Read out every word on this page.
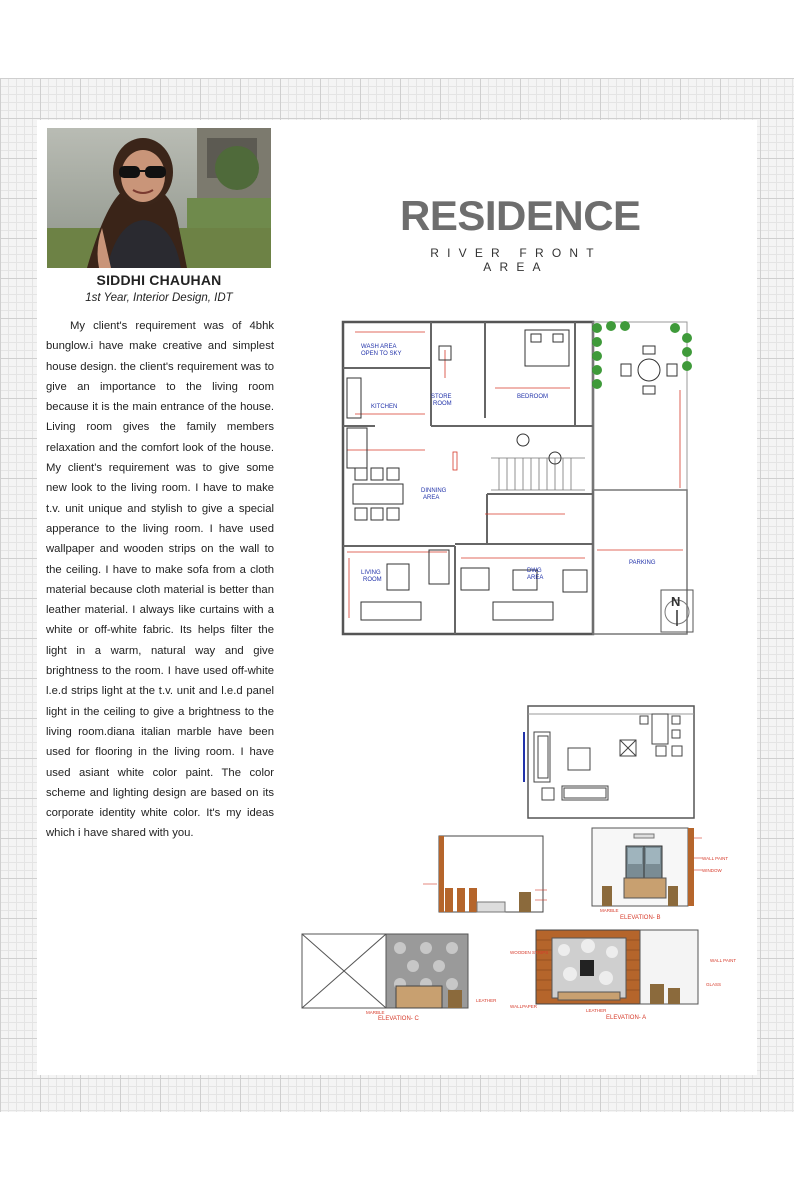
SIDDHI CHAUHAN
1st Year, Interior Design, IDT

My client's requirement was of 4bhk bunglow.i have make creative and simplest house design. the client's requirement was to give an importance to the living room because it is the main entrance of the house. Living room gives the family members relaxation and the comfort look of the house. My client's requirement was to give some new look to the living room. I have to make t.v. unit unique and stylish to give a special apperance to the living room. I have used wallpaper and wooden strips on the wall to the ceiling. I have to make sofa from a cloth material because cloth material is better than leather material. I always like curtains with a white or off-white fabric. Its helps filter the light in a warm, natural way and give brightness to the room. I have used off-white l.e.d strips light at the t.v. unit and l.e.d panel light in the ceiling to give a brightness to the living room.diana italian marble have been used for flooring in the living room. I have used asiant white color paint. The color scheme and lighting design are based on its corporate identity white color. It's my ideas which i have shared with you.

RESIDENCE
RIVER FRONT AREA
WASH AREA
OPEN TO SKY
STORE
ROOM
BEDROOM
KITCHEN
DINNING
AREA
LIVING
ROOM
DWG
AREA
PARKING
N
WALL PAINT
WINDOW
MARBLE
ELEVATION- B
MARBLE
LEATHER
ELEVATION- C
WOODEN STRIPS
WALL PAINT
GLASS
WALLPAPER
LEATHER
ELEVATION- A
